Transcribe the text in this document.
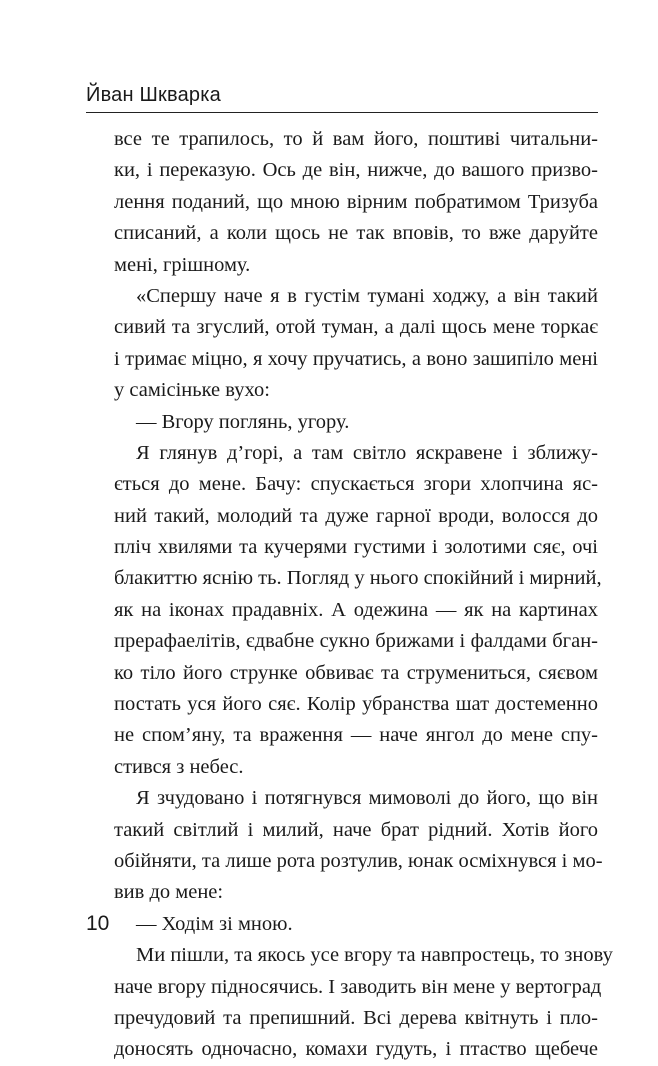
Йван Шкварка
все те трапилось, то й вам його, поштиві читальни-
ки, і переказую. Ось де він, нижче, до вашого призво-
лення поданий, що мною вірним побратимом Тризуба
списаний, а коли щось не так вповів, то вже даруйте
мені, грішному.
«Спершу наче я в густім тумані ходжу, а він такий
сивий та згуслий, отой туман, а далі щось мене торкає
і тримає міцно, я хочу пручатись, а воно зашипіло мені
у самісіньке вухо:
— Вгору поглянь, угору.
Я глянув д’горі, а там світло яскравене і зближу-
ється до мене. Бачу: спускається згори хлопчина яс-
ний такий, молодий та дуже гарної вроди, волосся до
пліч хвилями та кучерями густими і золотими сяє, очі
блакиттю яснію ть. Погляд у нього спокійний і мирний,
як на іконах прадавніх. А одежина — як на картинах
прерафаелітів, єдвабне сукно брижами і фалдами бган-
ко тіло його струнке обвиває та струмениться, сяєвом
постать уся його сяє. Колір убранства шат достеменно
не спом’яну, та враження — наче янгол до мене спу-
стився з небес.
Я зчудовано і потягнувся мимоволі до його, що він
такий світлий і милий, наче брат рідний. Хотів його
обійняти, та лише рота розтулив, юнак осміхнувся і мо-
вив до мене:
— Ходім зі мною.
Ми пішли, та якось усе вгору та навпростець, то знову
наче вгору підносячись. І заводить він мене у вертоград
пречудовий та препишний. Всі дерева квітнуть і пло-
доносять одночасно, комахи гудуть, і птаство щебече
10
